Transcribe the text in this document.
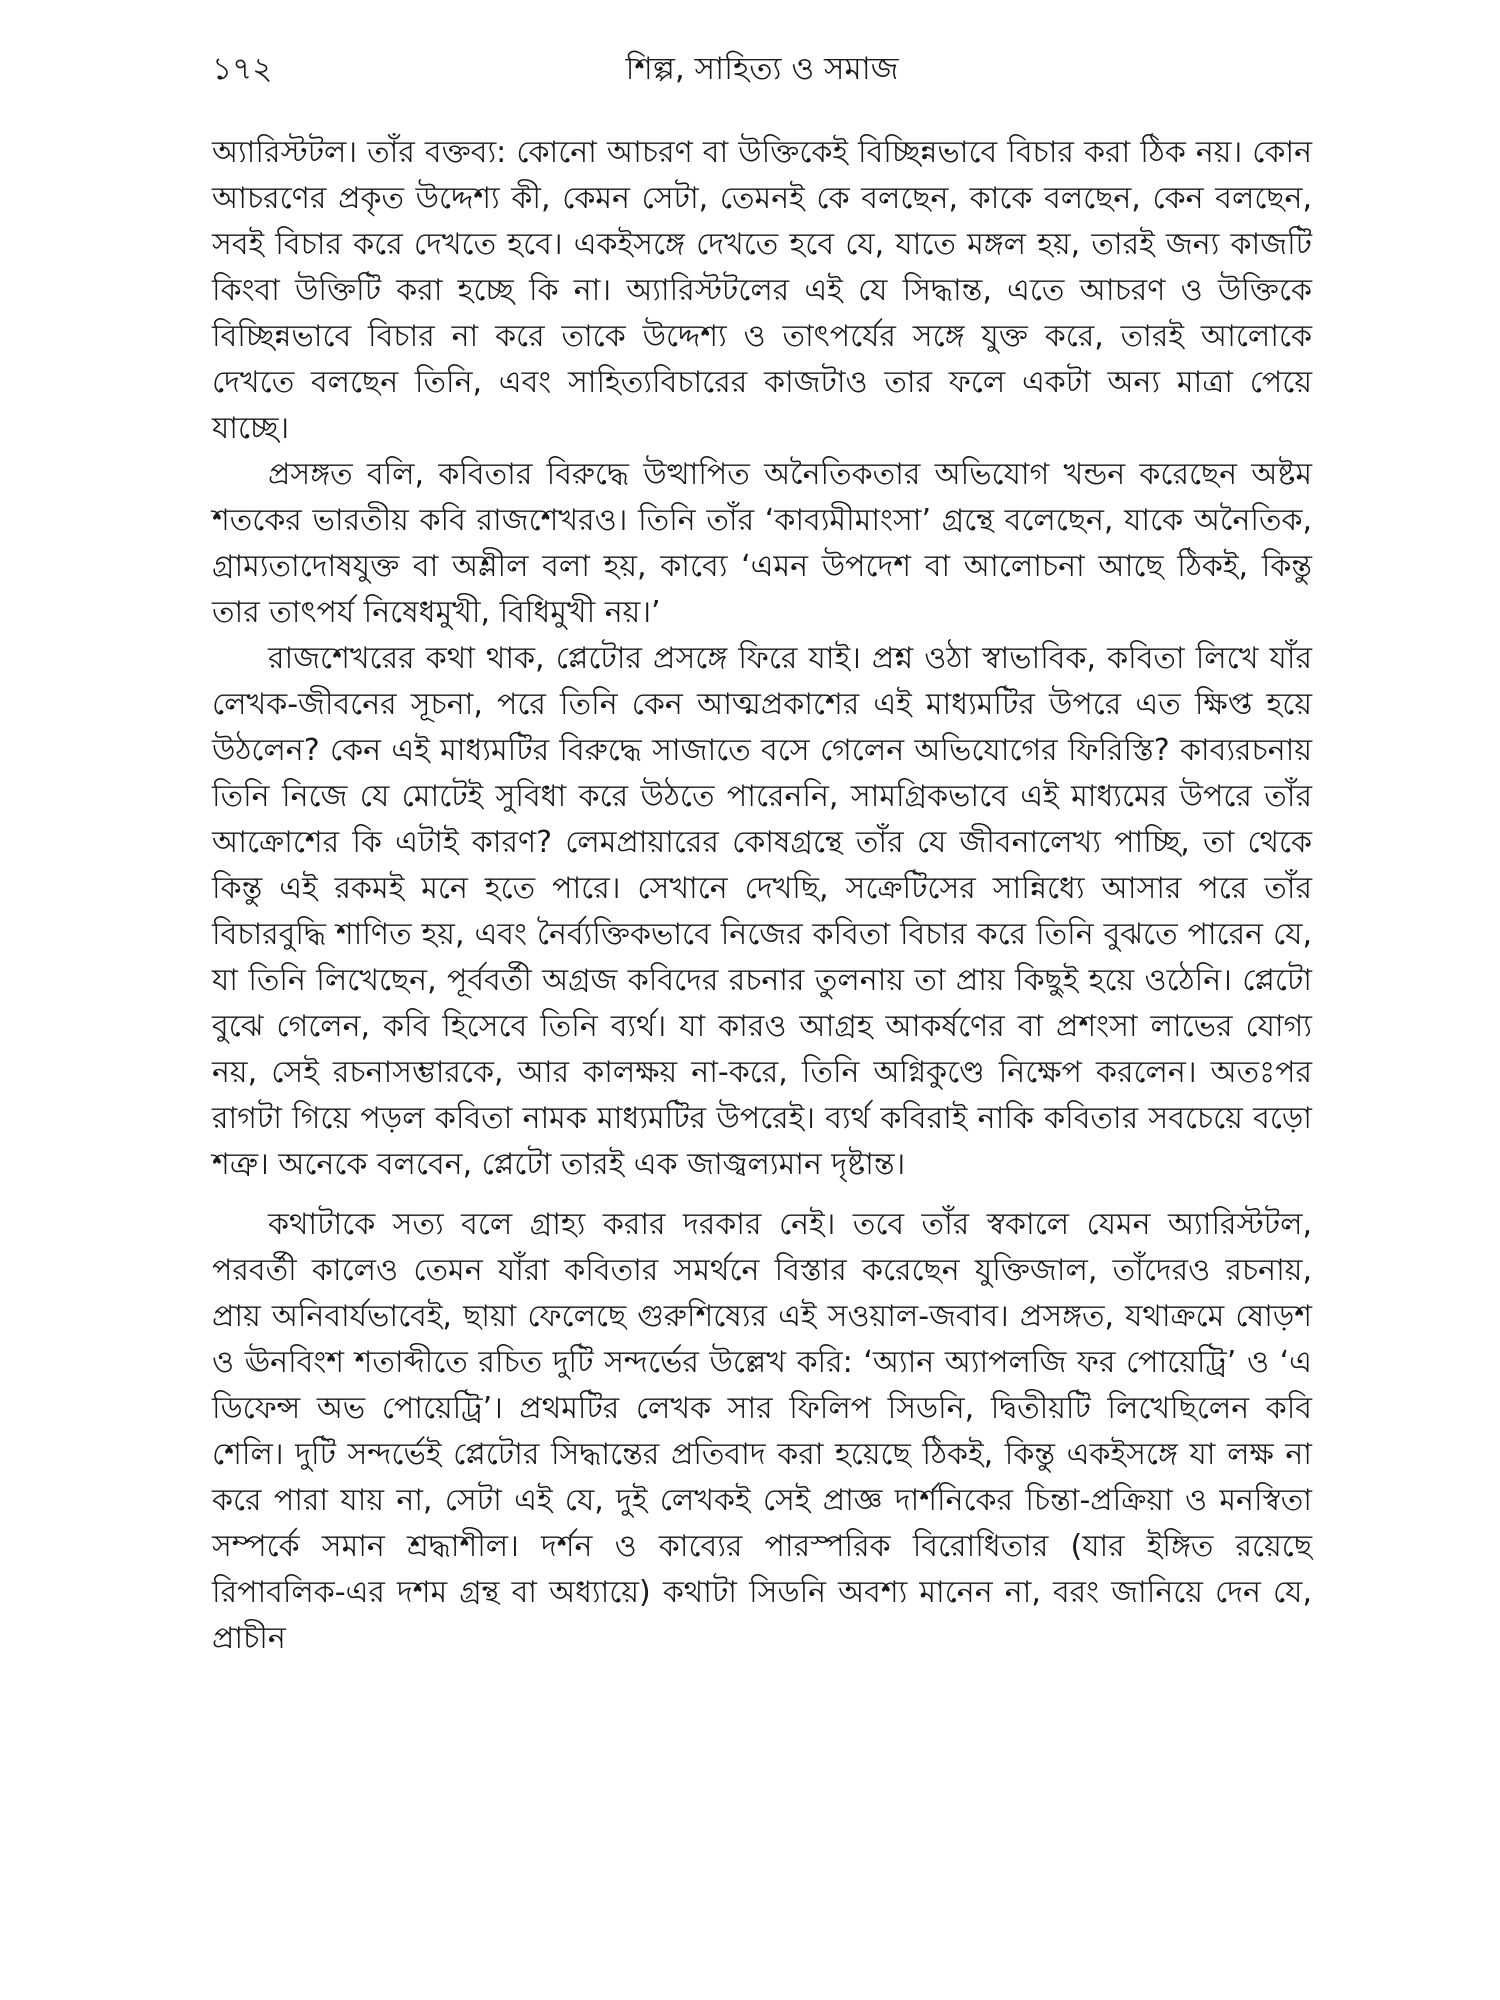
১৭২	শিল্প, সাহিত্য ও সমাজ

অ্যারিস্টটল। তাঁর বক্তব্য: কোনো আচরণ বা উক্তিকেই বিচ্ছিন্নভাবে বিচার করা ঠিক নয়। কোন আচরণের প্রকৃত উদ্দেশ্য কী, কেমন সেটা, তেমনই কে বলছেন, কাকে বলছেন, কেন বলছেন, সবই বিচার করে দেখতে হবে। একইসঙ্গে দেখতে হবে যে, যাতে মঙ্গল হয়, তারই জন্য কাজটি কিংবা উক্তিটি করা হচ্ছে কি না। অ্যারিস্টটলের এই যে সিদ্ধান্ত, এতে আচরণ ও উক্তিকে বিচ্ছিন্নভাবে বিচার না করে তাকে উদ্দেশ্য ও তাৎপর্যের সঙ্গে যুক্ত করে, তারই আলোকে দেখতে বলছেন তিনি, এবং সাহিত্যবিচারের কাজটাও তার ফলে একটা অন্য মাত্রা পেয়ে যাচ্ছে।

প্রসঙ্গত বলি, কবিতার বিরুদ্ধে উত্থাপিত অনৈতিকতার অভিযোগ খন্ডন করেছেন অষ্টম শতকের ভারতীয় কবি রাজশেখরও। তিনি তাঁর ‘কাব্যমীমাংসা’ গ্রন্থে বলেছেন, যাকে অনৈতিক, গ্রাম্যতাদোষযুক্ত বা অশ্লীল বলা হয়, কাব্যে ‘এমন উপদেশ বা আলোচনা আছে ঠিকই, কিন্তু তার তাৎপর্য নিষেধমুখী, বিধিমুখী নয়।’

রাজশেখরের কথা থাক, প্লেটোর প্রসঙ্গে ফিরে যাই। প্রশ্ন ওঠা স্বাভাবিক, কবিতা লিখে যাঁর লেখক-জীবনের সূচনা, পরে তিনি কেন আত্মপ্রকাশের এই মাধ্যমটির উপরে এত ক্ষিপ্ত হয়ে উঠলেন? কেন এই মাধ্যমটির বিরুদ্ধে সাজাতে বসে গেলেন অভিযোগের ফিরিস্তি? কাব্যরচনায় তিনি নিজে যে মোটেই সুবিধা করে উঠতে পারেননি, সামগ্রিকভাবে এই মাধ্যমের উপরে তাঁর আক্রোশের কি এটাই কারণ? লেমপ্রায়ারের কোষগ্রন্থে তাঁর যে জীবনালেখ্য পাচ্ছি, তা থেকে কিন্তু এই রকমই মনে হতে পারে। সেখানে দেখছি, সক্রেটিসের সান্নিধ্যে আসার পরে তাঁর বিচারবুদ্ধি শাণিত হয়, এবং নৈর্ব্যক্তিকভাবে নিজের কবিতা বিচার করে তিনি বুঝতে পারেন যে, যা তিনি লিখেছেন, পূর্ববর্তী অগ্রজ কবিদের রচনার তুলনায় তা প্রায় কিছুই হয়ে ওঠেনি। প্লেটো বুঝে গেলেন, কবি হিসেবে তিনি ব্যর্থ। যা কারও আগ্রহ আকর্ষণের বা প্রশংসা লাভের যোগ্য নয়, সেই রচনাসম্ভারকে, আর কালক্ষয় না-করে, তিনি অগ্নিকুণ্ডে নিক্ষেপ করলেন। অতঃপর রাগটা গিয়ে পড়ল কবিতা নামক মাধ্যমটির উপরেই। ব্যর্থ কবিরাই নাকি কবিতার সবচেয়ে বড়ো শত্রু। অনেকে বলবেন, প্লেটো তারই এক জাজ্বল্যমান দৃষ্টান্ত।

কথাটাকে সত্য বলে গ্রাহ্য করার দরকার নেই। তবে তাঁর স্বকালে যেমন অ্যারিস্টটল, পরবর্তী কালেও তেমন যাঁরা কবিতার সমর্থনে বিস্তার করেছেন যুক্তিজাল, তাঁদেরও রচনায়, প্রায় অনিবার্যভাবেই, ছায়া ফেলেছে গুরুশিষ্যের এই সওয়াল-জবাব। প্রসঙ্গত, যথাক্রমে ষোড়শ ও ঊনবিংশ শতাব্দীতে রচিত দুটি সন্দর্ভের উল্লেখ করি: ‘অ্যান অ্যাপলজি ফর পোয়েট্রি’ ও ‘এ ডিফেন্স অভ পোয়েট্রি’। প্রথমটির লেখক সার ফিলিপ সিডনি, দ্বিতীয়টি লিখেছিলেন কবি শেলি। দুটি সন্দর্ভেই প্লেটোর সিদ্ধান্তের প্রতিবাদ করা হয়েছে ঠিকই, কিন্তু একইসঙ্গে যা লক্ষ না করে পারা যায় না, সেটা এই যে, দুই লেখকই সেই প্রাজ্ঞ দার্শনিকের চিন্তা-প্রক্রিয়া ও মনস্বিতা সম্পর্কে সমান শ্রদ্ধাশীল। দর্শন ও কাব্যের পারস্পরিক বিরোধিতার (যার ইঙ্গিত রয়েছে রিপাবলিক-এর দশম গ্রন্থ বা অধ্যায়ে) কথাটা সিডনি অবশ্য মানেন না, বরং জানিয়ে দেন যে, প্রাচীন
